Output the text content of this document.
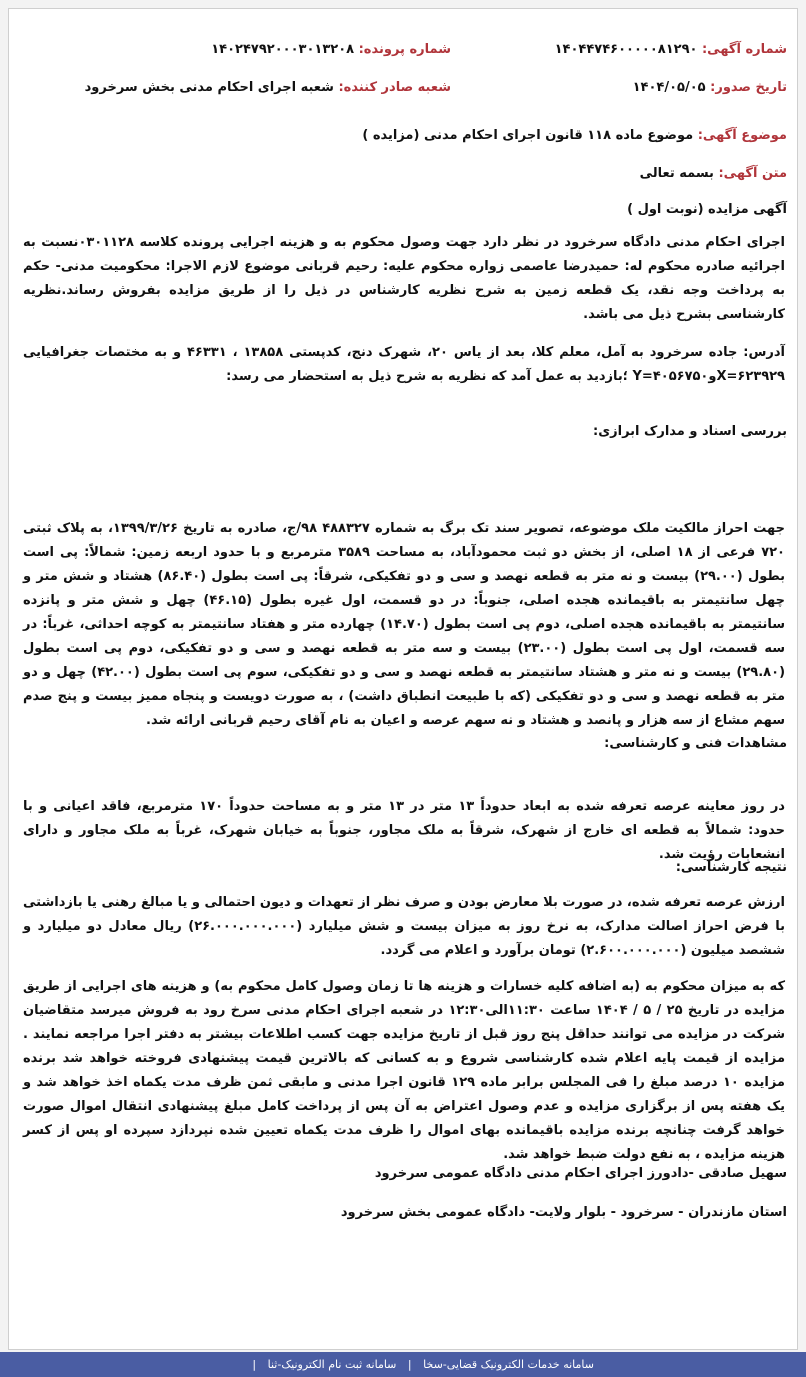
شماره آگهی: ۱۴۰۴۴۷۴۶۰۰۰۰۰۸۱۲۹۰
شماره پرونده: ۱۴۰۲۴۷۹۲۰۰۰۳۰۱۳۲۰۸
تاریخ صدور: ۱۴۰۴/۰۵/۰۵
شعبه صادر کننده: شعبه اجرای احکام مدنی بخش سرخرود
موضوع آگهی: موضوع ماده ۱۱۸ قانون اجرای احکام مدنی (مزایده )
متن آگهی: بسمه تعالی
آگهی مزایده (نوبت اول )

اجرای احکام مدنی دادگاه سرخرود در نظر دارد جهت وصول محکوم به و هزینه اجرایی پرونده کلاسه ۰۳۰۱۱۲۸نسبت به اجرائیه صادره محکوم له: حمیدرضا عاصمی زواره محکوم علیه: رحیم قربانی موضوع لازم الاجرا: محکومیت مدنی- حکم به پرداخت وجه نقد، یک قطعه زمین به شرح نظریه کارشناس در ذیل را از طریق مزایده بفروش رساند.نظریه کارشناسی بشرح ذیل می باشد.

آدرس: جاده سرخرود به آمل، معلم کلا، بعد از یاس ۲۰، شهرک دنج، کدپستی ۱۳۸۵۸ ، ۴۶۳۳۱ و به مختصات جغرافیایی X=۶۲۳۹۲۹و۴۰۵۶۷۵۰=Y ؛بازدید به عمل آمد که نظریه به شرح ذیل به استحضار می رسد:

بررسی اسناد و مدارک ابرازی:

جهت احراز مالکیت ملک موضوعه، تصویر سند تک برگ به شماره ۴۸۸۳۲۷ ۹۸/ج، صادره به تاریخ ۱۳۹۹/۳/۲۶، به پلاک ثبتی ۷۲۰ فرعی از ۱۸ اصلی، از بخش دو ثبت محمودآباد، به مساحت ۳۵۸۹ مترمربع و با حدود اربعه زمین: شمالاً: پی است بطول (۲۹.۰۰) بیست و نه متر به قطعه نهصد و سی و دو تفکیکی، شرقاً: پی است بطول (۸۶.۴۰) هشتاد و شش متر و چهل سانتیمتر به باقیمانده هجده اصلی، جنوباً: در دو قسمت، اول غیره بطول (۴۶.۱۵) چهل و شش متر و پانزده سانتیمتر به باقیمانده هجده اصلی، دوم پی است بطول (۱۴.۷۰) چهارده متر و هفتاد سانتیمتر به کوچه احداثی، غرباً: در سه قسمت، اول پی است بطول (۲۳.۰۰) بیست و سه متر به قطعه نهصد و سی و دو تفکیکی، دوم پی است بطول (۲۹.۸۰) بیست و نه متر و هشتاد سانتیمتر به قطعه نهصد و سی و دو تفکیکی، سوم پی است بطول (۴۲.۰۰) چهل و دو متر به قطعه نهصد و سی و دو تفکیکی (که با طبیعت انطباق داشت) ، به صورت دویست و پنجاه ممیز بیست و پنج صدم سهم مشاع از سه هزار و پانصد و هشتاد و نه سهم عرصه و اعیان به نام آقای رحیم قربانی ارائه شد.

مشاهدات فنی و کارشناسی:

در روز معاینه عرصه تعرفه شده به ابعاد حدوداً ۱۳ متر در ۱۳ متر و به مساحت حدوداً ۱۷۰ مترمربع، فاقد اعیانی و با حدود: شمالاً به قطعه ای خارج از شهرک، شرقاً به ملک مجاور، جنوباً به خیابان شهرک، غرباً به ملک مجاور و دارای انشعابات رؤیت شد.

نتیجه کارشناسی:

ارزش عرصه تعرفه شده، در صورت بلا معارض بودن و صرف نظر از تعهدات و دیون احتمالی و یا مبالغ رهنی یا بازداشتی با فرض احراز اصالت مدارک، به نرخ روز به میزان بیست و شش میلیارد (۲۶.۰۰۰.۰۰۰.۰۰۰) ریال معادل دو میلیارد و ششصد میلیون (۲.۶۰۰.۰۰۰.۰۰۰) تومان برآورد و اعلام می گردد.

که به میزان محکوم به (به اضافه کلیه خسارات و هزینه ها تا زمان وصول کامل محکوم به) و هزینه های اجرایی از طریق مزایده در تاریخ ۲۵ / ۵ / ۱۴۰۴ ساعت ۱۱:۳۰الی۱۲:۳۰ در شعبه اجرای احکام مدنی سرخ رود به فروش میرسد متقاضیان شرکت در مزایده می توانند حداقل پنج روز قبل از تاریخ مزایده جهت کسب اطلاعات بیشتر به دفتر اجرا مراجعه نمایند . مزایده از قیمت پایه اعلام شده کارشناسی شروع و به کسانی که بالاترین قیمت پیشنهادی فروخته خواهد شد برنده مزایده ۱۰ درصد مبلغ را فی المجلس برابر ماده ۱۲۹ قانون اجرا مدنی و مابقی ثمن ظرف مدت یکماه اخذ خواهد شد و یک هفته پس از برگزاری مزایده و عدم وصول اعتراض به آن پس از پرداخت کامل مبلغ پیشنهادی انتقال اموال صورت خواهد گرفت چنانچه برنده مزایده باقیمانده بهای اموال را ظرف مدت یکماه تعیین شده نپردازد سپرده او پس از کسر هزینه مزایده ، به نفع دولت ضبط خواهد شد.

سهیل صادقی -دادورز اجرای احکام مدنی دادگاه عمومی سرخرود
استان مازندران - سرخرود - بلوار ولایت- دادگاه عمومی بخش سرخرود
سامانه خدمات الکترونیک قضایی-سخا | سامانه ثبت نام الکترونیک-ثنا |
